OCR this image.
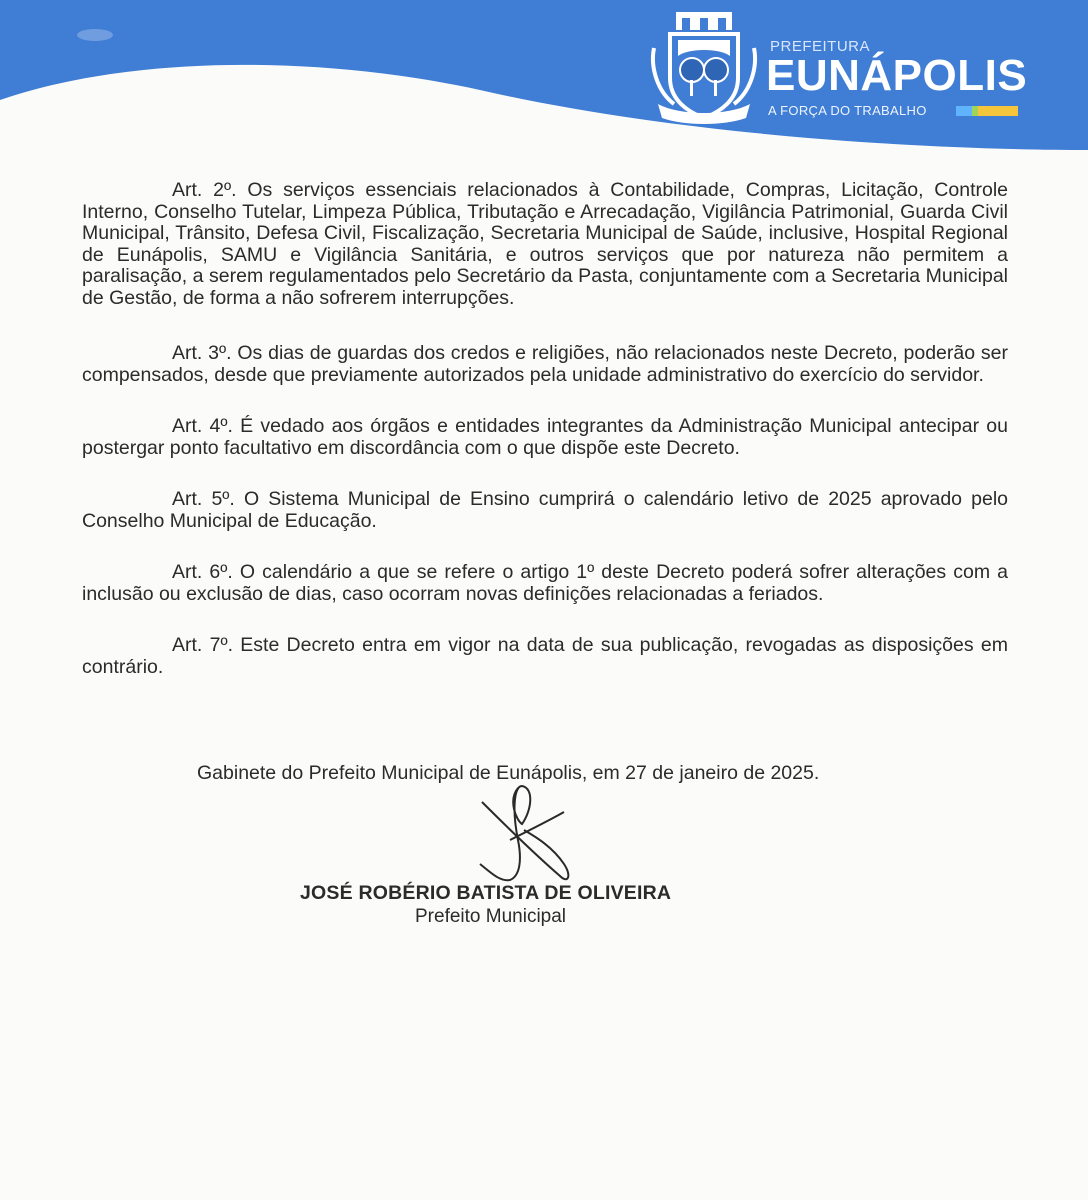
PREFEITURA
EUNÁPOLIS
A FORÇA DO TRABALHO

Art. 2º. Os serviços essenciais relacionados à Contabilidade, Compras, Licitação, Controle Interno, Conselho Tutelar, Limpeza Pública, Tributação e Arrecadação, Vigilância Patrimonial, Guarda Civil Municipal, Trânsito, Defesa Civil, Fiscalização, Secretaria Municipal de Saúde, inclusive, Hospital Regional de Eunápolis, SAMU e Vigilância Sanitária, e outros serviços que por natureza não permitem a paralisação, a serem regulamentados pelo Secretário da Pasta, conjuntamente com a Secretaria Municipal de Gestão, de forma a não sofrerem interrupções.

Art. 3º. Os dias de guardas dos credos e religiões, não relacionados neste Decreto, poderão ser compensados, desde que previamente autorizados pela unidade administrativo do exercício do servidor.

Art. 4º. É vedado aos órgãos e entidades integrantes da Administração Municipal antecipar ou postergar ponto facultativo em discordância com o que dispõe este Decreto.

Art. 5º. O Sistema Municipal de Ensino cumprirá o calendário letivo de 2025 aprovado pelo Conselho Municipal de Educação.

Art. 6º. O calendário a que se refere o artigo 1º deste Decreto poderá sofrer alterações com a inclusão ou exclusão de dias, caso ocorram novas definições relacionadas a feriados.

Art. 7º. Este Decreto entra em vigor na data de sua publicação, revogadas as disposições em contrário.

Gabinete do Prefeito Municipal de Eunápolis, em 27 de janeiro de 2025.
JOSÉ ROBÉRIO BATISTA DE OLIVEIRA
Prefeito Municipal
